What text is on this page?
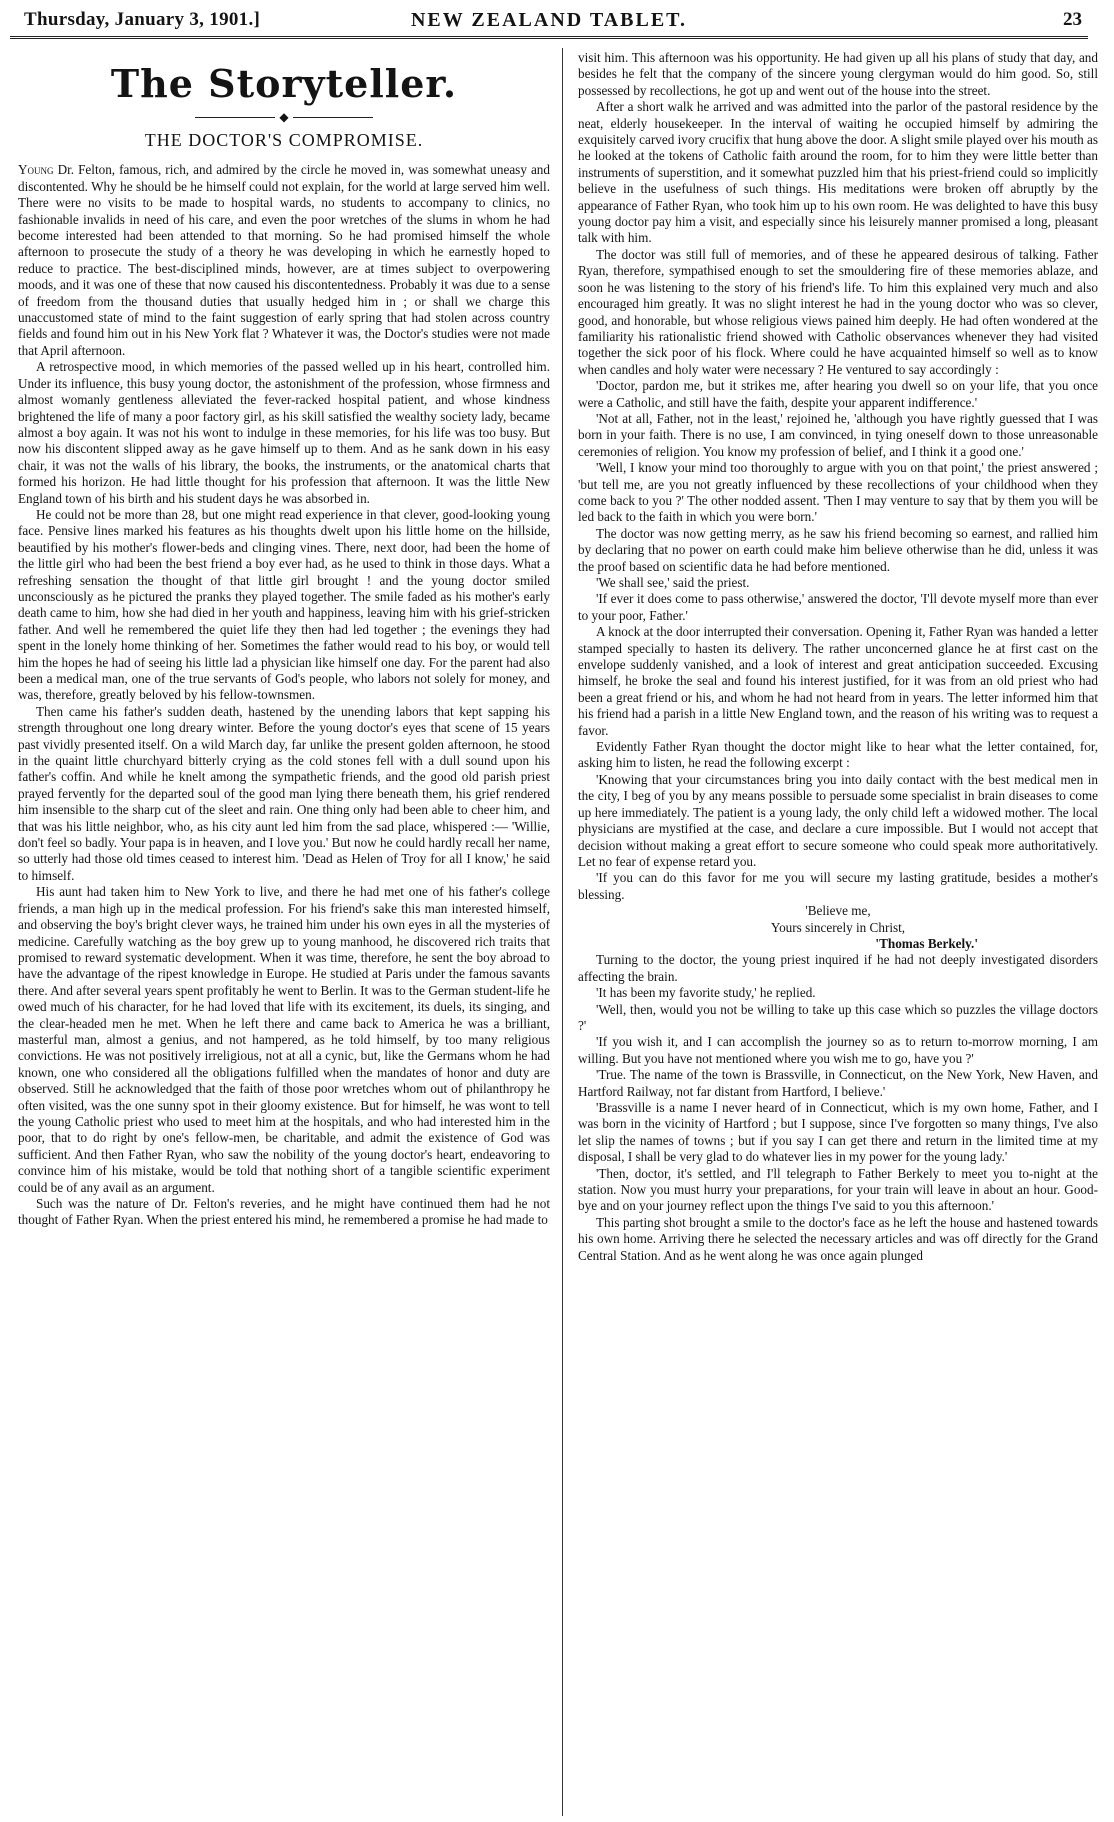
Thursday, January 3, 1901.]	NEW ZEALAND TABLET.	23
The Storyteller.
◆
THE DOCTOR'S COMPROMISE.

Young Dr. Felton, famous, rich, and admired by the circle he moved in, was somewhat uneasy and discontented. Why he should be he himself could not explain, for the world at large served him well. There were no visits to be made to hospital wards, no students to accompany to clinics, no fashionable invalids in need of his care, and even the poor wretches of the slums in whom he had become interested had been attended to that morning. So he had promised himself the whole afternoon to prosecute the study of a theory he was developing in which he earnestly hoped to reduce to practice. The best-disciplined minds, however, are at times subject to overpowering moods, and it was one of these that now caused his discontentedness. Probably it was due to a sense of freedom from the thousand duties that usually hedged him in ; or shall we charge this unaccustomed state of mind to the faint suggestion of early spring that had stolen across country fields and found him out in his New York flat ? Whatever it was, the Doctor's studies were not made that April afternoon.

A retrospective mood, in which memories of the passed welled up in his heart, controlled him. Under its influence, this busy young doctor, the astonishment of the profession, whose firmness and almost womanly gentleness alleviated the fever-racked hospital patient, and whose kindness brightened the life of many a poor factory girl, as his skill satisfied the wealthy society lady, became almost a boy again. It was not his wont to indulge in these memories, for his life was too busy. But now his discontent slipped away as he gave himself up to them. And as he sank down in his easy chair, it was not the walls of his library, the books, the instruments, or the anatomical charts that formed his horizon. He had little thought for his profession that afternoon. It was the little New England town of his birth and his student days he was absorbed in.

He could not be more than 28, but one might read experience in that clever, good-looking young face. Pensive lines marked his features as his thoughts dwelt upon his little home on the hillside, beautified by his mother's flower-beds and clinging vines. There, next door, had been the home of the little girl who had been the best friend a boy ever had, as he used to think in those days. What a refreshing sensation the thought of that little girl brought ! and the young doctor smiled unconsciously as he pictured the pranks they played together. The smile faded as his mother's early death came to him, how she had died in her youth and happiness, leaving him with his grief-stricken father. And well he remembered the quiet life they then had led together ; the evenings they had spent in the lonely home thinking of her. Sometimes the father would read to his boy, or would tell him the hopes he had of seeing his little lad a physician like himself one day. For the parent had also been a medical man, one of the true servants of God's people, who labors not solely for money, and was, therefore, greatly beloved by his fellow-townsmen.

Then came his father's sudden death, hastened by the unending labors that kept sapping his strength throughout one long dreary winter. Before the young doctor's eyes that scene of 15 years past vividly presented itself. On a wild March day, far unlike the present golden afternoon, he stood in the quaint little churchyard bitterly crying as the cold stones fell with a dull sound upon his father's coffin. And while he knelt among the sympathetic friends, and the good old parish priest prayed fervently for the departed soul of the good man lying there beneath them, his grief rendered him insensible to the sharp cut of the sleet and rain. One thing only had been able to cheer him, and that was his little neighbor, who, as his city aunt led him from the sad place, whispered :— 'Willie, don't feel so badly. Your papa is in heaven, and I love you.' But now he could hardly recall her name, so utterly had those old times ceased to interest him. 'Dead as Helen of Troy for all I know,' he said to himself.

His aunt had taken him to New York to live, and there he had met one of his father's college friends, a man high up in the medical profession. For his friend's sake this man interested himself, and observing the boy's bright clever ways, he trained him under his own eyes in all the mysteries of medicine. Carefully watching as the boy grew up to young manhood, he discovered rich traits that promised to reward systematic development. When it was time, therefore, he sent the boy abroad to have the advantage of the ripest knowledge in Europe. He studied at Paris under the famous savants there. And after several years spent profitably he went to Berlin. It was to the German student-life he owed much of his character, for he had loved that life with its excitement, its duels, its singing, and the clear-headed men he met. When he left there and came back to America he was a brilliant, masterful man, almost a genius, and not hampered, as he told himself, by too many religious convictions. He was not positively irreligious, not at all a cynic, but, like the Germans whom he had known, one who considered all the obligations fulfilled when the mandates of honor and duty are observed. Still he acknowledged that the faith of those poor wretches whom out of philanthropy he often visited, was the one sunny spot in their gloomy existence. But for himself, he was wont to tell the young Catholic priest who used to meet him at the hospitals, and who had interested him in the poor, that to do right by one's fellow-men, be charitable, and admit the existence of God was sufficient. And then Father Ryan, who saw the nobility of the young doctor's heart, endeavoring to convince him of his mistake, would be told that nothing short of a tangible scientific experiment could be of any avail as an argument.

Such was the nature of Dr. Felton's reveries, and he might have continued them had he not thought of Father Ryan. When the priest entered his mind, he remembered a promise he had made to

visit him. This afternoon was his opportunity. He had given up all his plans of study that day, and besides he felt that the company of the sincere young clergyman would do him good. So, still possessed by recollections, he got up and went out of the house into the street.

After a short walk he arrived and was admitted into the parlor of the pastoral residence by the neat, elderly housekeeper. In the interval of waiting he occupied himself by admiring the exquisitely carved ivory crucifix that hung above the door. A slight smile played over his mouth as he looked at the tokens of Catholic faith around the room, for to him they were little better than instruments of superstition, and it somewhat puzzled him that his priest-friend could so implicitly believe in the usefulness of such things. His meditations were broken off abruptly by the appearance of Father Ryan, who took him up to his own room. He was delighted to have this busy young doctor pay him a visit, and especially since his leisurely manner promised a long, pleasant talk with him.

The doctor was still full of memories, and of these he appeared desirous of talking. Father Ryan, therefore, sympathised enough to set the smouldering fire of these memories ablaze, and soon he was listening to the story of his friend's life. To him this explained very much and also encouraged him greatly. It was no slight interest he had in the young doctor who was so clever, good, and honorable, but whose religious views pained him deeply. He had often wondered at the familiarity his rationalistic friend showed with Catholic observances whenever they had visited together the sick poor of his flock. Where could he have acquainted himself so well as to know when candles and holy water were necessary ? He ventured to say accordingly :

'Doctor, pardon me, but it strikes me, after hearing you dwell so on your life, that you once were a Catholic, and still have the faith, despite your apparent indifference.'

'Not at all, Father, not in the least,' rejoined he, 'although you have rightly guessed that I was born in your faith. There is no use, I am convinced, in tying oneself down to those unreasonable ceremonies of religion. You know my profession of belief, and I think it a good one.'

'Well, I know your mind too thoroughly to argue with you on that point,' the priest answered ; 'but tell me, are you not greatly influenced by these recollections of your childhood when they come back to you ?' The other nodded assent. 'Then I may venture to say that by them you will be led back to the faith in which you were born.'

The doctor was now getting merry, as he saw his friend becoming so earnest, and rallied him by declaring that no power on earth could make him believe otherwise than he did, unless it was the proof based on scientific data he had before mentioned.

'We shall see,' said the priest.

'If ever it does come to pass otherwise,' answered the doctor, 'I'll devote myself more than ever to your poor, Father.'

A knock at the door interrupted their conversation. Opening it, Father Ryan was handed a letter stamped specially to hasten its delivery. The rather unconcerned glance he at first cast on the envelope suddenly vanished, and a look of interest and great anticipation succeeded. Excusing himself, he broke the seal and found his interest justified, for it was from an old priest who had been a great friend or his, and whom he had not heard from in years. The letter informed him that his friend had a parish in a little New England town, and the reason of his writing was to request a favor.

Evidently Father Ryan thought the doctor might like to hear what the letter contained, for, asking him to listen, he read the following excerpt :

'Knowing that your circumstances bring you into daily contact with the best medical men in the city, I beg of you by any means possible to persuade some specialist in brain diseases to come up here immediately. The patient is a young lady, the only child left a widowed mother. The local physicians are mystified at the case, and declare a cure impossible. But I would not accept that decision without making a great effort to secure someone who could speak more authoritatively. Let no fear of expense retard you.

'If you can do this favor for me you will secure my lasting gratitude, besides a mother's blessing.

'Believe me,

Yours sincerely in Christ,

'Thomas Berkely.'

Turning to the doctor, the young priest inquired if he had not deeply investigated disorders affecting the brain.

'It has been my favorite study,' he replied.

'Well, then, would you not be willing to take up this case which so puzzles the village doctors ?'

'If you wish it, and I can accomplish the journey so as to return to-morrow morning, I am willing. But you have not mentioned where you wish me to go, have you ?'

'True. The name of the town is Brassville, in Connecticut, on the New York, New Haven, and Hartford Railway, not far distant from Hartford, I believe.'

'Brassville is a name I never heard of in Connecticut, which is my own home, Father, and I was born in the vicinity of Hartford ; but I suppose, since I've forgotten so many things, I've also let slip the names of towns ; but if you say I can get there and return in the limited time at my disposal, I shall be very glad to do whatever lies in my power for the young lady.'

'Then, doctor, it's settled, and I'll telegraph to Father Berkely to meet you to-night at the station. Now you must hurry your preparations, for your train will leave in about an hour. Good-bye and on your journey reflect upon the things I've said to you this afternoon.'

This parting shot brought a smile to the doctor's face as he left the house and hastened towards his own home. Arriving there he selected the necessary articles and was off directly for the Grand Central Station. And as he went along he was once again plunged
